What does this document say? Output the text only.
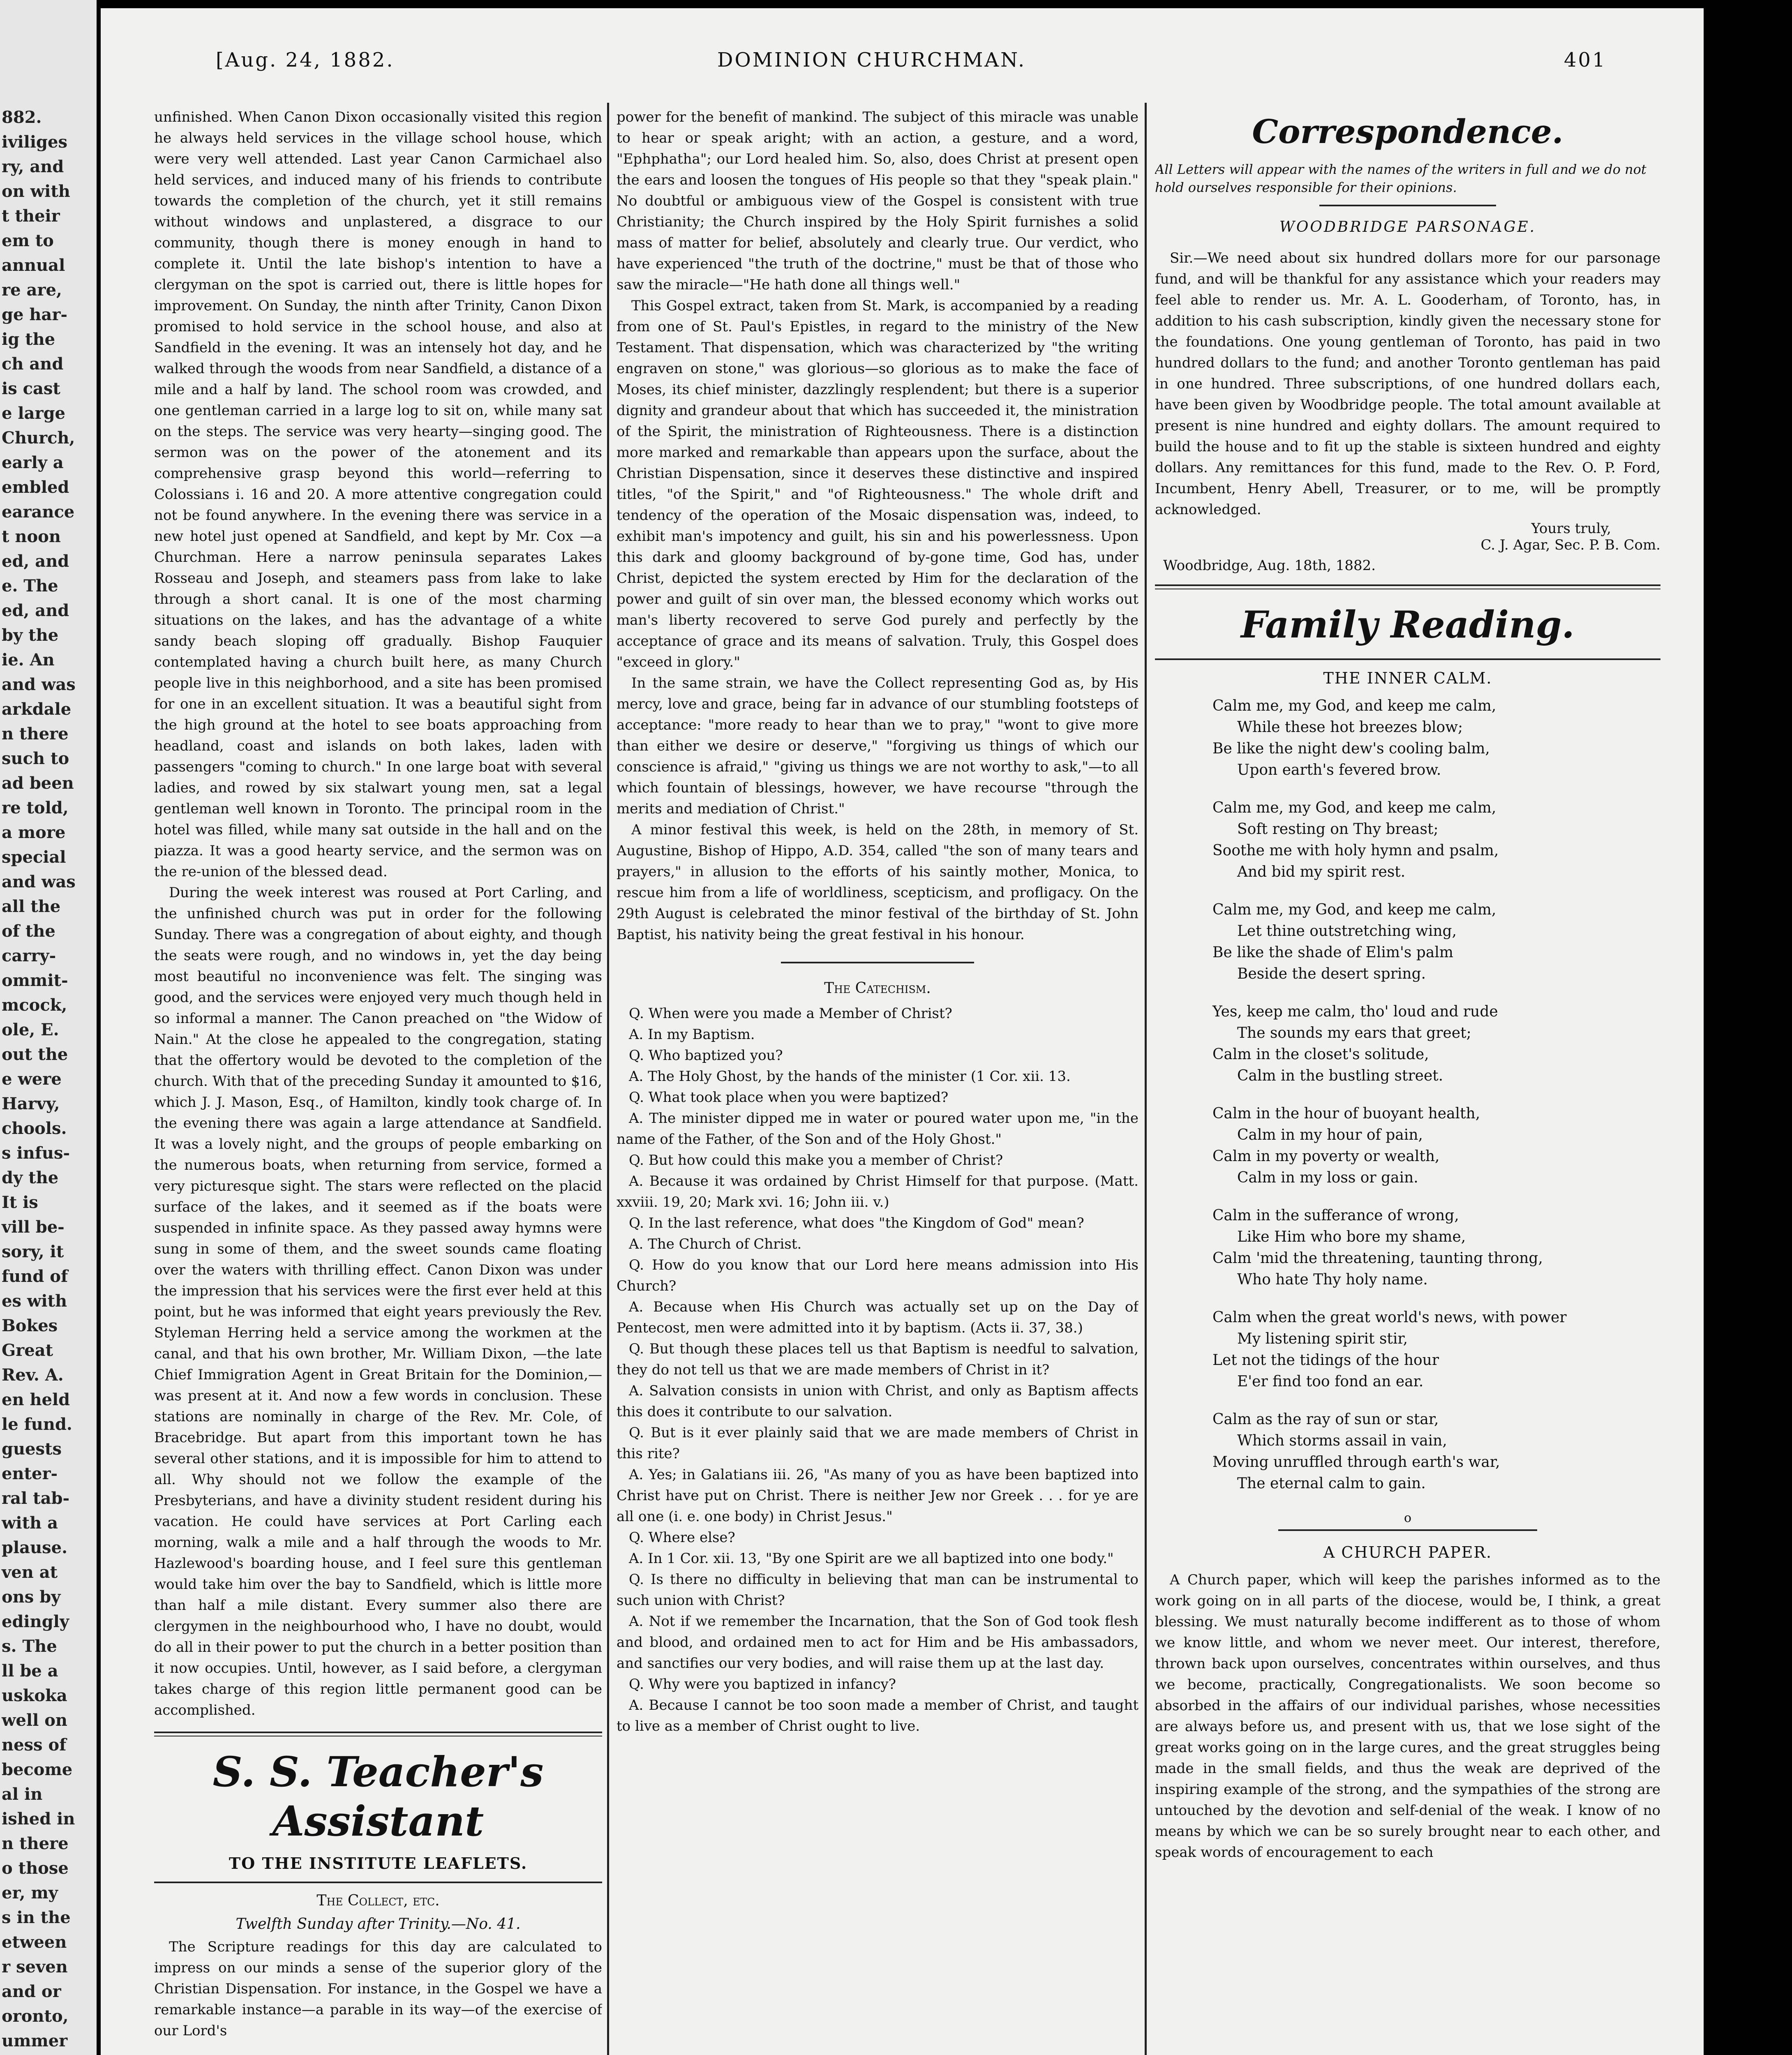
882.
iviliges
ry, and
on with
t their
em to
annual
re are,
ge har-
ig the
ch and
is cast
e large
Church,
early a
embled
earance
t noon
ed, and
e. The
ed, and
by the
ie. An
and was
arkdale
n there
such to
ad been
re told,
a more
special
and was
all the
of the
carry-
ommit-
mcock,
ole, E.
out the
e were
Harvy,
chools.
s infus-
dy the
It is
vill be-
sory, it
fund of
es with
Bokes
Great
Rev. A.
en held
le fund.
guests
enter-
ral tab-
with a
plause.
ven at
ons by
edingly
s. The
ll be a
uskoka
well on
ness of
become
al in
ished in
n there
o those
er, my
s in the
etween
r seven
and or
oronto,
ummer
[Aug. 24, 1882.	DOMINION CHURCHMAN.	401

unfinished. When Canon Dixon occasionally visited this region he always held services in the village school house, which were very well attended. Last year Canon Carmichael also held services, and induced many of his friends to contribute towards the completion of the church, yet it still remains without windows and unplastered, a disgrace to our community, though there is money enough in hand to complete it. Until the late bishop's intention to have a clergyman on the spot is carried out, there is little hopes for improvement. On Sunday, the ninth after Trinity, Canon Dixon promised to hold service in the school house, and also at Sandfield in the evening. It was an intensely hot day, and he walked through the woods from near Sandfield, a distance of a mile and a half by land. The school room was crowded, and one gentleman carried in a large log to sit on, while many sat on the steps. The service was very hearty—singing good. The sermon was on the power of the atonement and its comprehensive grasp beyond this world—referring to Colossians i. 16 and 20. A more attentive congregation could not be found anywhere. In the evening there was service in a new hotel just opened at Sandfield, and kept by Mr. Cox —a Churchman. Here a narrow peninsula separates Lakes Rosseau and Joseph, and steamers pass from lake to lake through a short canal. It is one of the most charming situations on the lakes, and has the advantage of a white sandy beach sloping off gradually. Bishop Fauquier contemplated having a church built here, as many Church people live in this neighborhood, and a site has been promised for one in an excellent situation. It was a beautiful sight from the high ground at the hotel to see boats approaching from headland, coast and islands on both lakes, laden with passengers "coming to church." In one large boat with several ladies, and rowed by six stalwart young men, sat a legal gentleman well known in Toronto. The principal room in the hotel was filled, while many sat outside in the hall and on the piazza. It was a good hearty service, and the sermon was on the re-union of the blessed dead.

During the week interest was roused at Port Carling, and the unfinished church was put in order for the following Sunday. There was a congregation of about eighty, and though the seats were rough, and no windows in, yet the day being most beautiful no inconvenience was felt. The singing was good, and the services were enjoyed very much though held in so informal a manner. The Canon preached on "the Widow of Nain." At the close he appealed to the congregation, stating that the offertory would be devoted to the completion of the church. With that of the preceding Sunday it amounted to $16, which J. J. Mason, Esq., of Hamilton, kindly took charge of. In the evening there was again a large attendance at Sandfield. It was a lovely night, and the groups of people embarking on the numerous boats, when returning from service, formed a very picturesque sight. The stars were reflected on the placid surface of the lakes, and it seemed as if the boats were suspended in infinite space. As they passed away hymns were sung in some of them, and the sweet sounds came floating over the waters with thrilling effect. Canon Dixon was under the impression that his services were the first ever held at this point, but he was informed that eight years previously the Rev. Styleman Herring held a service among the workmen at the canal, and that his own brother, Mr. William Dixon, —the late Chief Immigration Agent in Great Britain for the Dominion,—was present at it. And now a few words in conclusion. These stations are nominally in charge of the Rev. Mr. Cole, of Bracebridge. But apart from this important town he has several other stations, and it is impossible for him to attend to all. Why should not we follow the example of the Presbyterians, and have a divinity student resident during his vacation. He could have services at Port Carling each morning, walk a mile and a half through the woods to Mr. Hazlewood's boarding house, and I feel sure this gentleman would take him over the bay to Sandfield, which is little more than half a mile distant. Every summer also there are clergymen in the neighbourhood who, I have no doubt, would do all in their power to put the church in a better position than it now occupies. Until, however, as I said before, a clergyman takes charge of this region little permanent good can be accomplished.

S. S. Teacher's Assistant
TO THE INSTITUTE LEAFLETS.
The Collect, etc.
Twelfth Sunday after Trinity.—No. 41.

The Scripture readings for this day are calculated to impress on our minds a sense of the superior glory of the Christian Dispensation. For instance, in the Gospel we have a remarkable instance—a parable in its way—of the exercise of our Lord's

power for the benefit of mankind. The subject of this miracle was unable to hear or speak aright; with an action, a gesture, and a word, "Ephphatha"; our Lord healed him. So, also, does Christ at present open the ears and loosen the tongues of His people so that they "speak plain." No doubtful or ambiguous view of the Gospel is consistent with true Christianity; the Church inspired by the Holy Spirit furnishes a solid mass of matter for belief, absolutely and clearly true. Our verdict, who have experienced "the truth of the doctrine," must be that of those who saw the miracle—"He hath done all things well."

This Gospel extract, taken from St. Mark, is accompanied by a reading from one of St. Paul's Epistles, in regard to the ministry of the New Testament. That dispensation, which was characterized by "the writing engraven on stone," was glorious—so glorious as to make the face of Moses, its chief minister, dazzlingly resplendent; but there is a superior dignity and grandeur about that which has succeeded it, the ministration of the Spirit, the ministration of Righteousness. There is a distinction more marked and remarkable than appears upon the surface, about the Christian Dispensation, since it deserves these distinctive and inspired titles, "of the Spirit," and "of Righteousness." The whole drift and tendency of the operation of the Mosaic dispensation was, indeed, to exhibit man's impotency and guilt, his sin and his powerlessness. Upon this dark and gloomy background of by-gone time, God has, under Christ, depicted the system erected by Him for the declaration of the power and guilt of sin over man, the blessed economy which works out man's liberty recovered to serve God purely and perfectly by the acceptance of grace and its means of salvation. Truly, this Gospel does "exceed in glory."

In the same strain, we have the Collect representing God as, by His mercy, love and grace, being far in advance of our stumbling footsteps of acceptance: "more ready to hear than we to pray," "wont to give more than either we desire or deserve," "forgiving us things of which our conscience is afraid," "giving us things we are not worthy to ask,"—to all which fountain of blessings, however, we have recourse "through the merits and mediation of Christ."

A minor festival this week, is held on the 28th, in memory of St. Augustine, Bishop of Hippo, A.D. 354, called "the son of many tears and prayers," in allusion to the efforts of his saintly mother, Monica, to rescue him from a life of worldliness, scepticism, and profligacy. On the 29th August is celebrated the minor festival of the birthday of St. John Baptist, his nativity being the great festival in his honour.

The Catechism.

Q. When were you made a Member of Christ?

A. In my Baptism.

Q. Who baptized you?

A. The Holy Ghost, by the hands of the minister (1 Cor. xii. 13.

Q. What took place when you were baptized?

A. The minister dipped me in water or poured water upon me, "in the name of the Father, of the Son and of the Holy Ghost."

Q. But how could this make you a member of Christ?

A. Because it was ordained by Christ Himself for that purpose. (Matt. xxviii. 19, 20; Mark xvi. 16; John iii. v.)

Q. In the last reference, what does "the Kingdom of God" mean?

A. The Church of Christ.

Q. How do you know that our Lord here means admission into His Church?

A. Because when His Church was actually set up on the Day of Pentecost, men were admitted into it by baptism. (Acts ii. 37, 38.)

Q. But though these places tell us that Baptism is needful to salvation, they do not tell us that we are made members of Christ in it?

A. Salvation consists in union with Christ, and only as Baptism affects this does it contribute to our salvation.

Q. But is it ever plainly said that we are made members of Christ in this rite?

A. Yes; in Galatians iii. 26, "As many of you as have been baptized into Christ have put on Christ. There is neither Jew nor Greek . . . for ye are all one (i. e. one body) in Christ Jesus."

Q. Where else?

A. In 1 Cor. xii. 13, "By one Spirit are we all baptized into one body."

Q. Is there no difficulty in believing that man can be instrumental to such union with Christ?

A. Not if we remember the Incarnation, that the Son of God took flesh and blood, and ordained men to act for Him and be His ambassadors, and sanctifies our very bodies, and will raise them up at the last day.

Q. Why were you baptized in infancy?

A. Because I cannot be too soon made a member of Christ, and taught to live as a member of Christ ought to live.

Correspondence.
All Letters will appear with the names of the writers in full and we do not hold ourselves responsible for their opinions.
WOODBRIDGE PARSONAGE.

Sir.—We need about six hundred dollars more for our parsonage fund, and will be thankful for any assistance which your readers may feel able to render us. Mr. A. L. Gooderham, of Toronto, has, in addition to his cash subscription, kindly given the necessary stone for the foundations. One young gentleman of Toronto, has paid in two hundred dollars to the fund; and another Toronto gentleman has paid in one hundred. Three subscriptions, of one hundred dollars each, have been given by Woodbridge people. The total amount available at present is nine hundred and eighty dollars. The amount required to build the house and to fit up the stable is sixteen hundred and eighty dollars. Any remittances for this fund, made to the Rev. O. P. Ford, Incumbent, Henry Abell, Treasurer, or to me, will be promptly acknowledged.

Yours truly,
C. J. Agar, Sec. P. B. Com.
Woodbridge, Aug. 18th, 1882.
Family Reading.
THE INNER CALM.
Calm me, my God, and keep me calm,
While these hot breezes blow;
Be like the night dew's cooling balm,
Upon earth's fevered brow.
Calm me, my God, and keep me calm,
Soft resting on Thy breast;
Soothe me with holy hymn and psalm,
And bid my spirit rest.
Calm me, my God, and keep me calm,
Let thine outstretching wing,
Be like the shade of Elim's palm
Beside the desert spring.
Yes, keep me calm, tho' loud and rude
The sounds my ears that greet;
Calm in the closet's solitude,
Calm in the bustling street.
Calm in the hour of buoyant health,
Calm in my hour of pain,
Calm in my poverty or wealth,
Calm in my loss or gain.
Calm in the sufferance of wrong,
Like Him who bore my shame,
Calm 'mid the threatening, taunting throng,
Who hate Thy holy name.
Calm when the great world's news, with power
My listening spirit stir,
Let not the tidings of the hour
E'er find too fond an ear.
Calm as the ray of sun or star,
Which storms assail in vain,
Moving unruffled through earth's war,
The eternal calm to gain.
o
A CHURCH PAPER.

A Church paper, which will keep the parishes informed as to the work going on in all parts of the diocese, would be, I think, a great blessing. We must naturally become indifferent as to those of whom we know little, and whom we never meet. Our interest, therefore, thrown back upon ourselves, concentrates within ourselves, and thus we become, practically, Congregationalists. We soon become so absorbed in the affairs of our individual parishes, whose necessities are always before us, and present with us, that we lose sight of the great works going on in the large cures, and the great struggles being made in the small fields, and thus the weak are deprived of the inspiring example of the strong, and the sympathies of the strong are untouched by the devotion and self-denial of the weak. I know of no means by which we can be so surely brought near to each other, and speak words of encouragement to each
